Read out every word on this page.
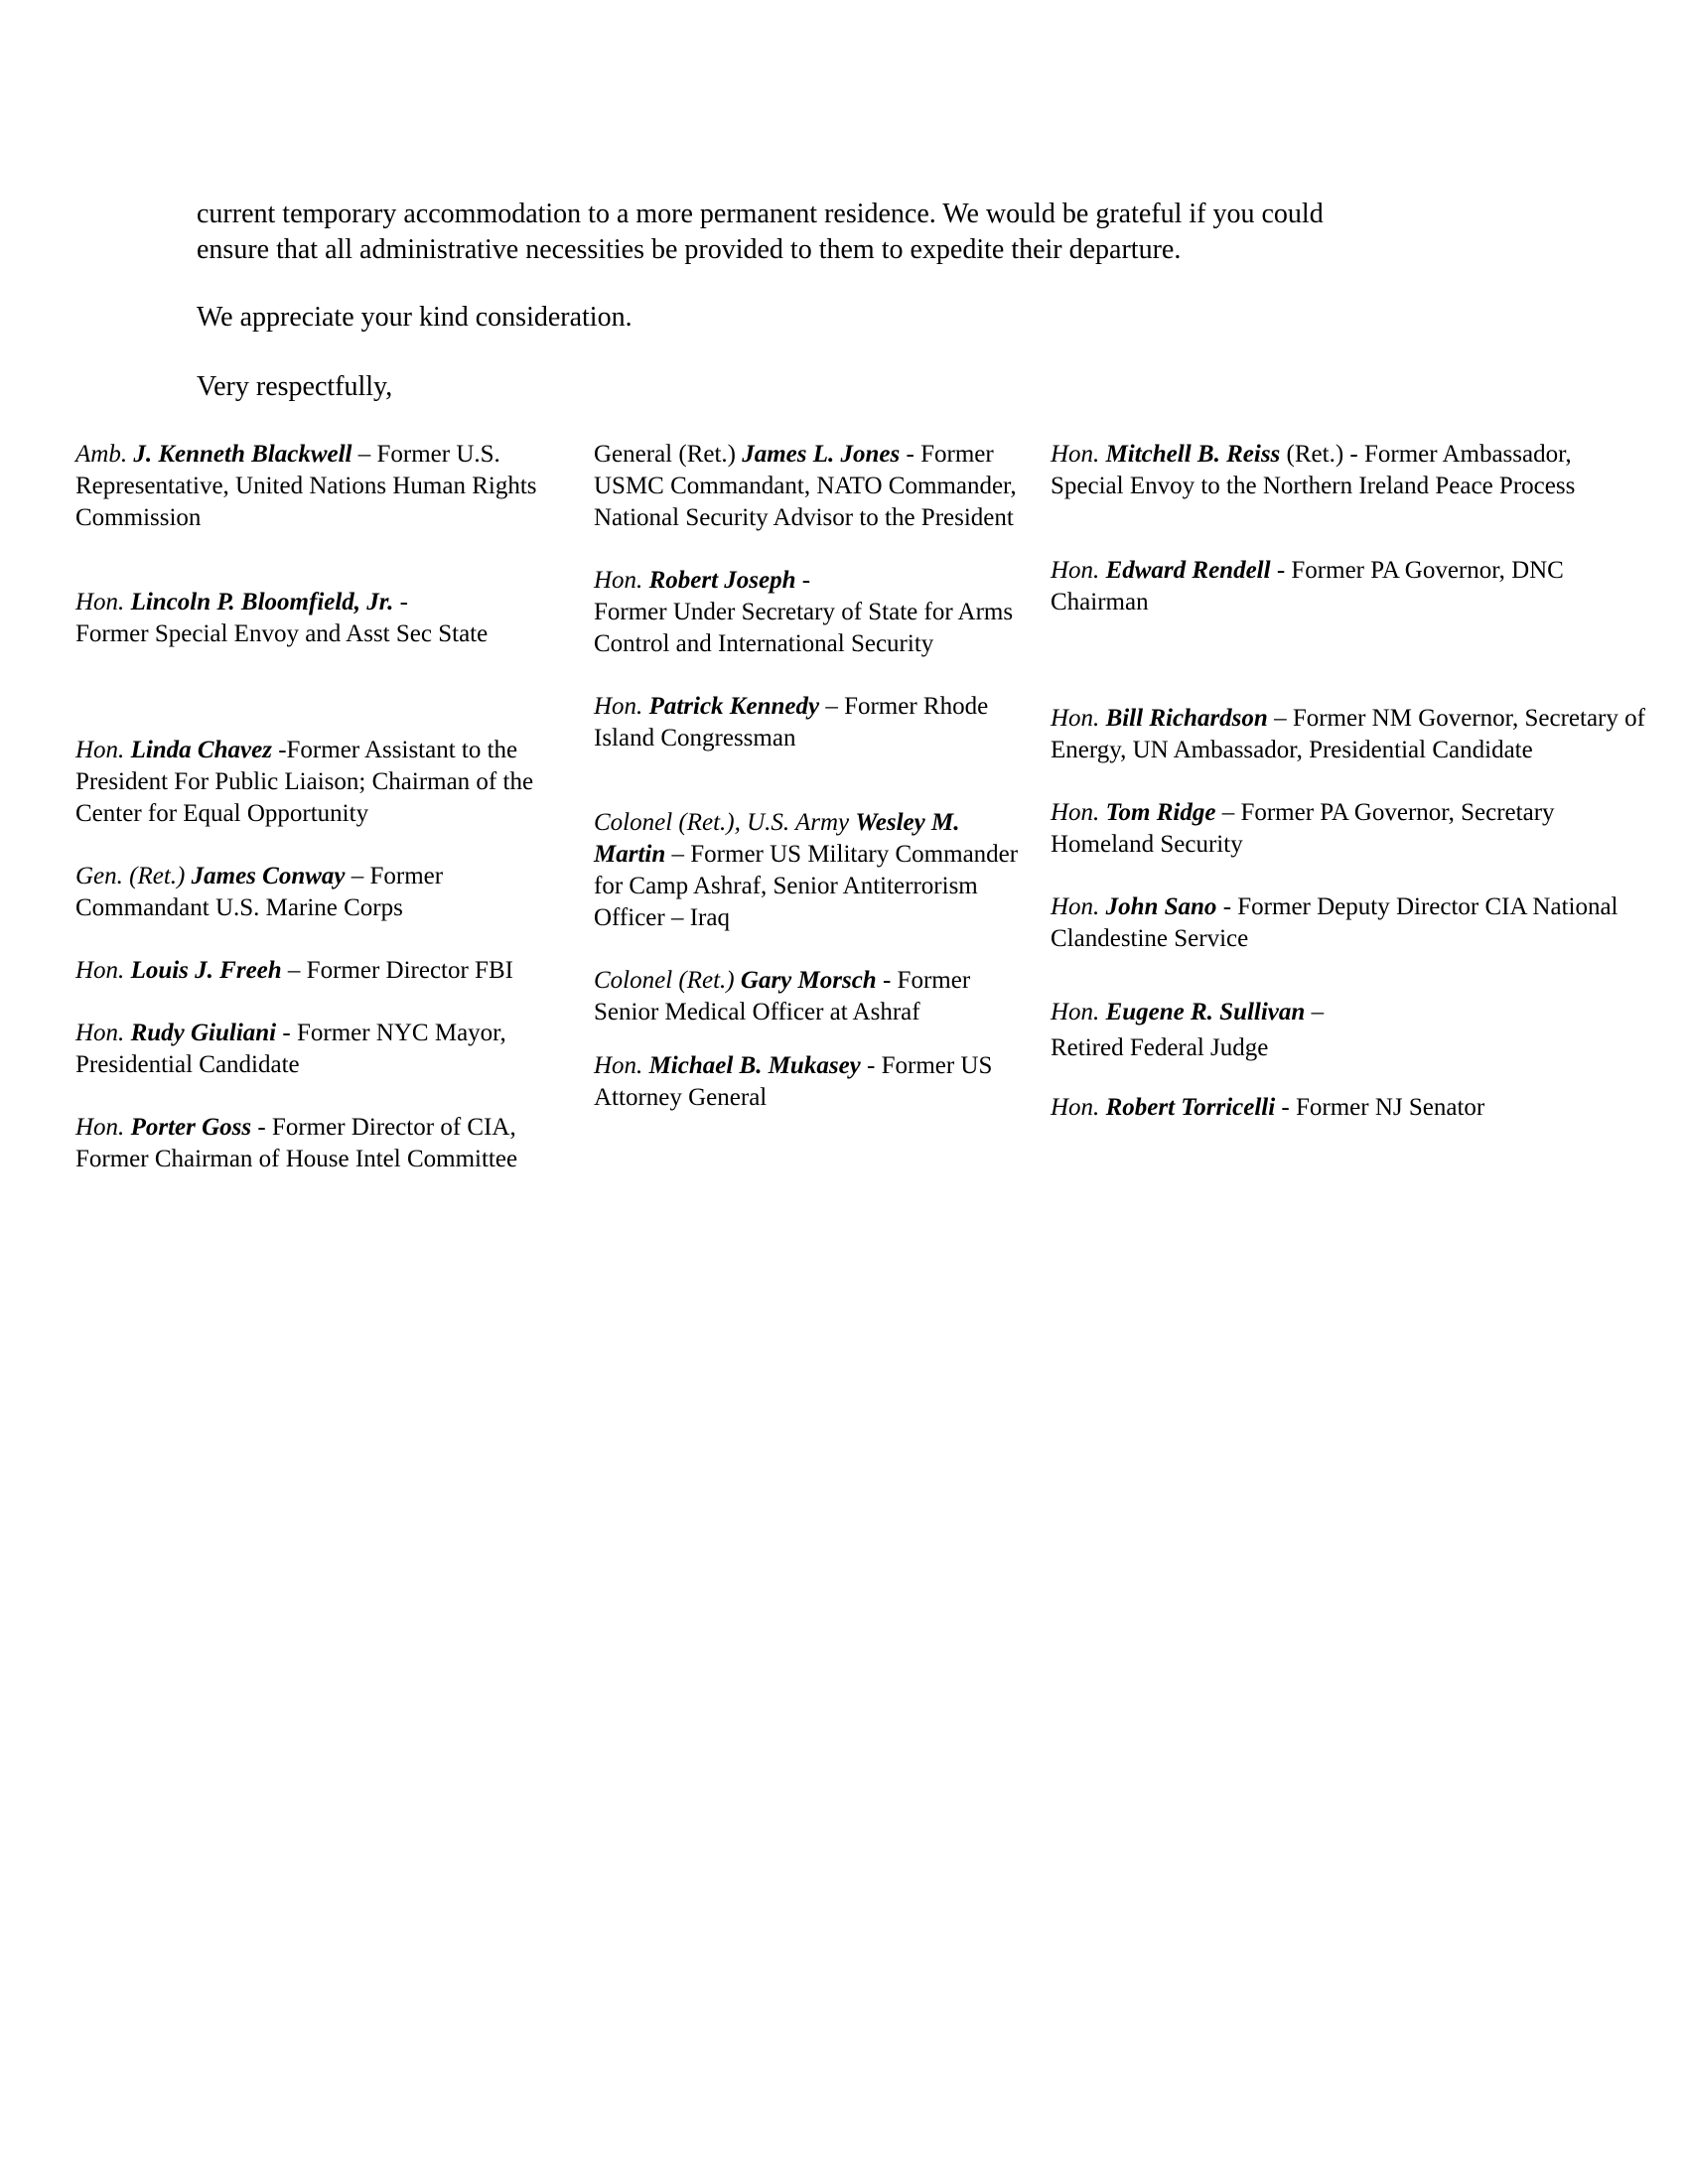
current temporary accommodation to a more permanent residence. We would be grateful if you could

ensure that all administrative necessities be provided to them to expedite their departure.

We appreciate your kind consideration.

Very respectfully,

Amb. J. Kenneth Blackwell – Former U.S. Representative, United Nations Human Rights Commission

Hon. Lincoln P. Bloomfield, Jr. -
Former Special Envoy and Asst Sec State

Hon. Linda Chavez -Former Assistant to the President For Public Liaison; Chairman of the Center for Equal Opportunity

Gen. (Ret.) James Conway – Former Commandant U.S. Marine Corps

Hon. Louis J. Freeh – Former Director FBI

Hon. Rudy Giuliani - Former NYC Mayor, Presidential Candidate

Hon. Porter Goss - Former Director of CIA, Former Chairman of House Intel Committee

General (Ret.) James L. Jones - Former USMC Commandant, NATO Commander, National Security Advisor to the President

Hon. Robert Joseph -
Former Under Secretary of State for Arms Control and International Security

Hon. Patrick Kennedy – Former Rhode Island Congressman

Colonel (Ret.), U.S. Army Wesley M. Martin – Former US Military Commander for Camp Ashraf, Senior Antiterrorism Officer – Iraq

Colonel (Ret.) Gary Morsch - Former Senior Medical Officer at Ashraf

Hon. Michael B. Mukasey - Former US Attorney General

Hon. Mitchell B. Reiss (Ret.) - Former Ambassador, Special Envoy to the Northern Ireland Peace Process

Hon. Edward Rendell - Former PA Governor, DNC Chairman

Hon. Bill Richardson – Former NM Governor, Secretary of Energy, UN Ambassador, Presidential Candidate

Hon. Tom Ridge – Former PA Governor, Secretary Homeland Security

Hon. John Sano - Former Deputy Director CIA National Clandestine Service

Hon. Eugene R. Sullivan –
Retired Federal Judge

Hon. Robert Torricelli - Former NJ Senator
